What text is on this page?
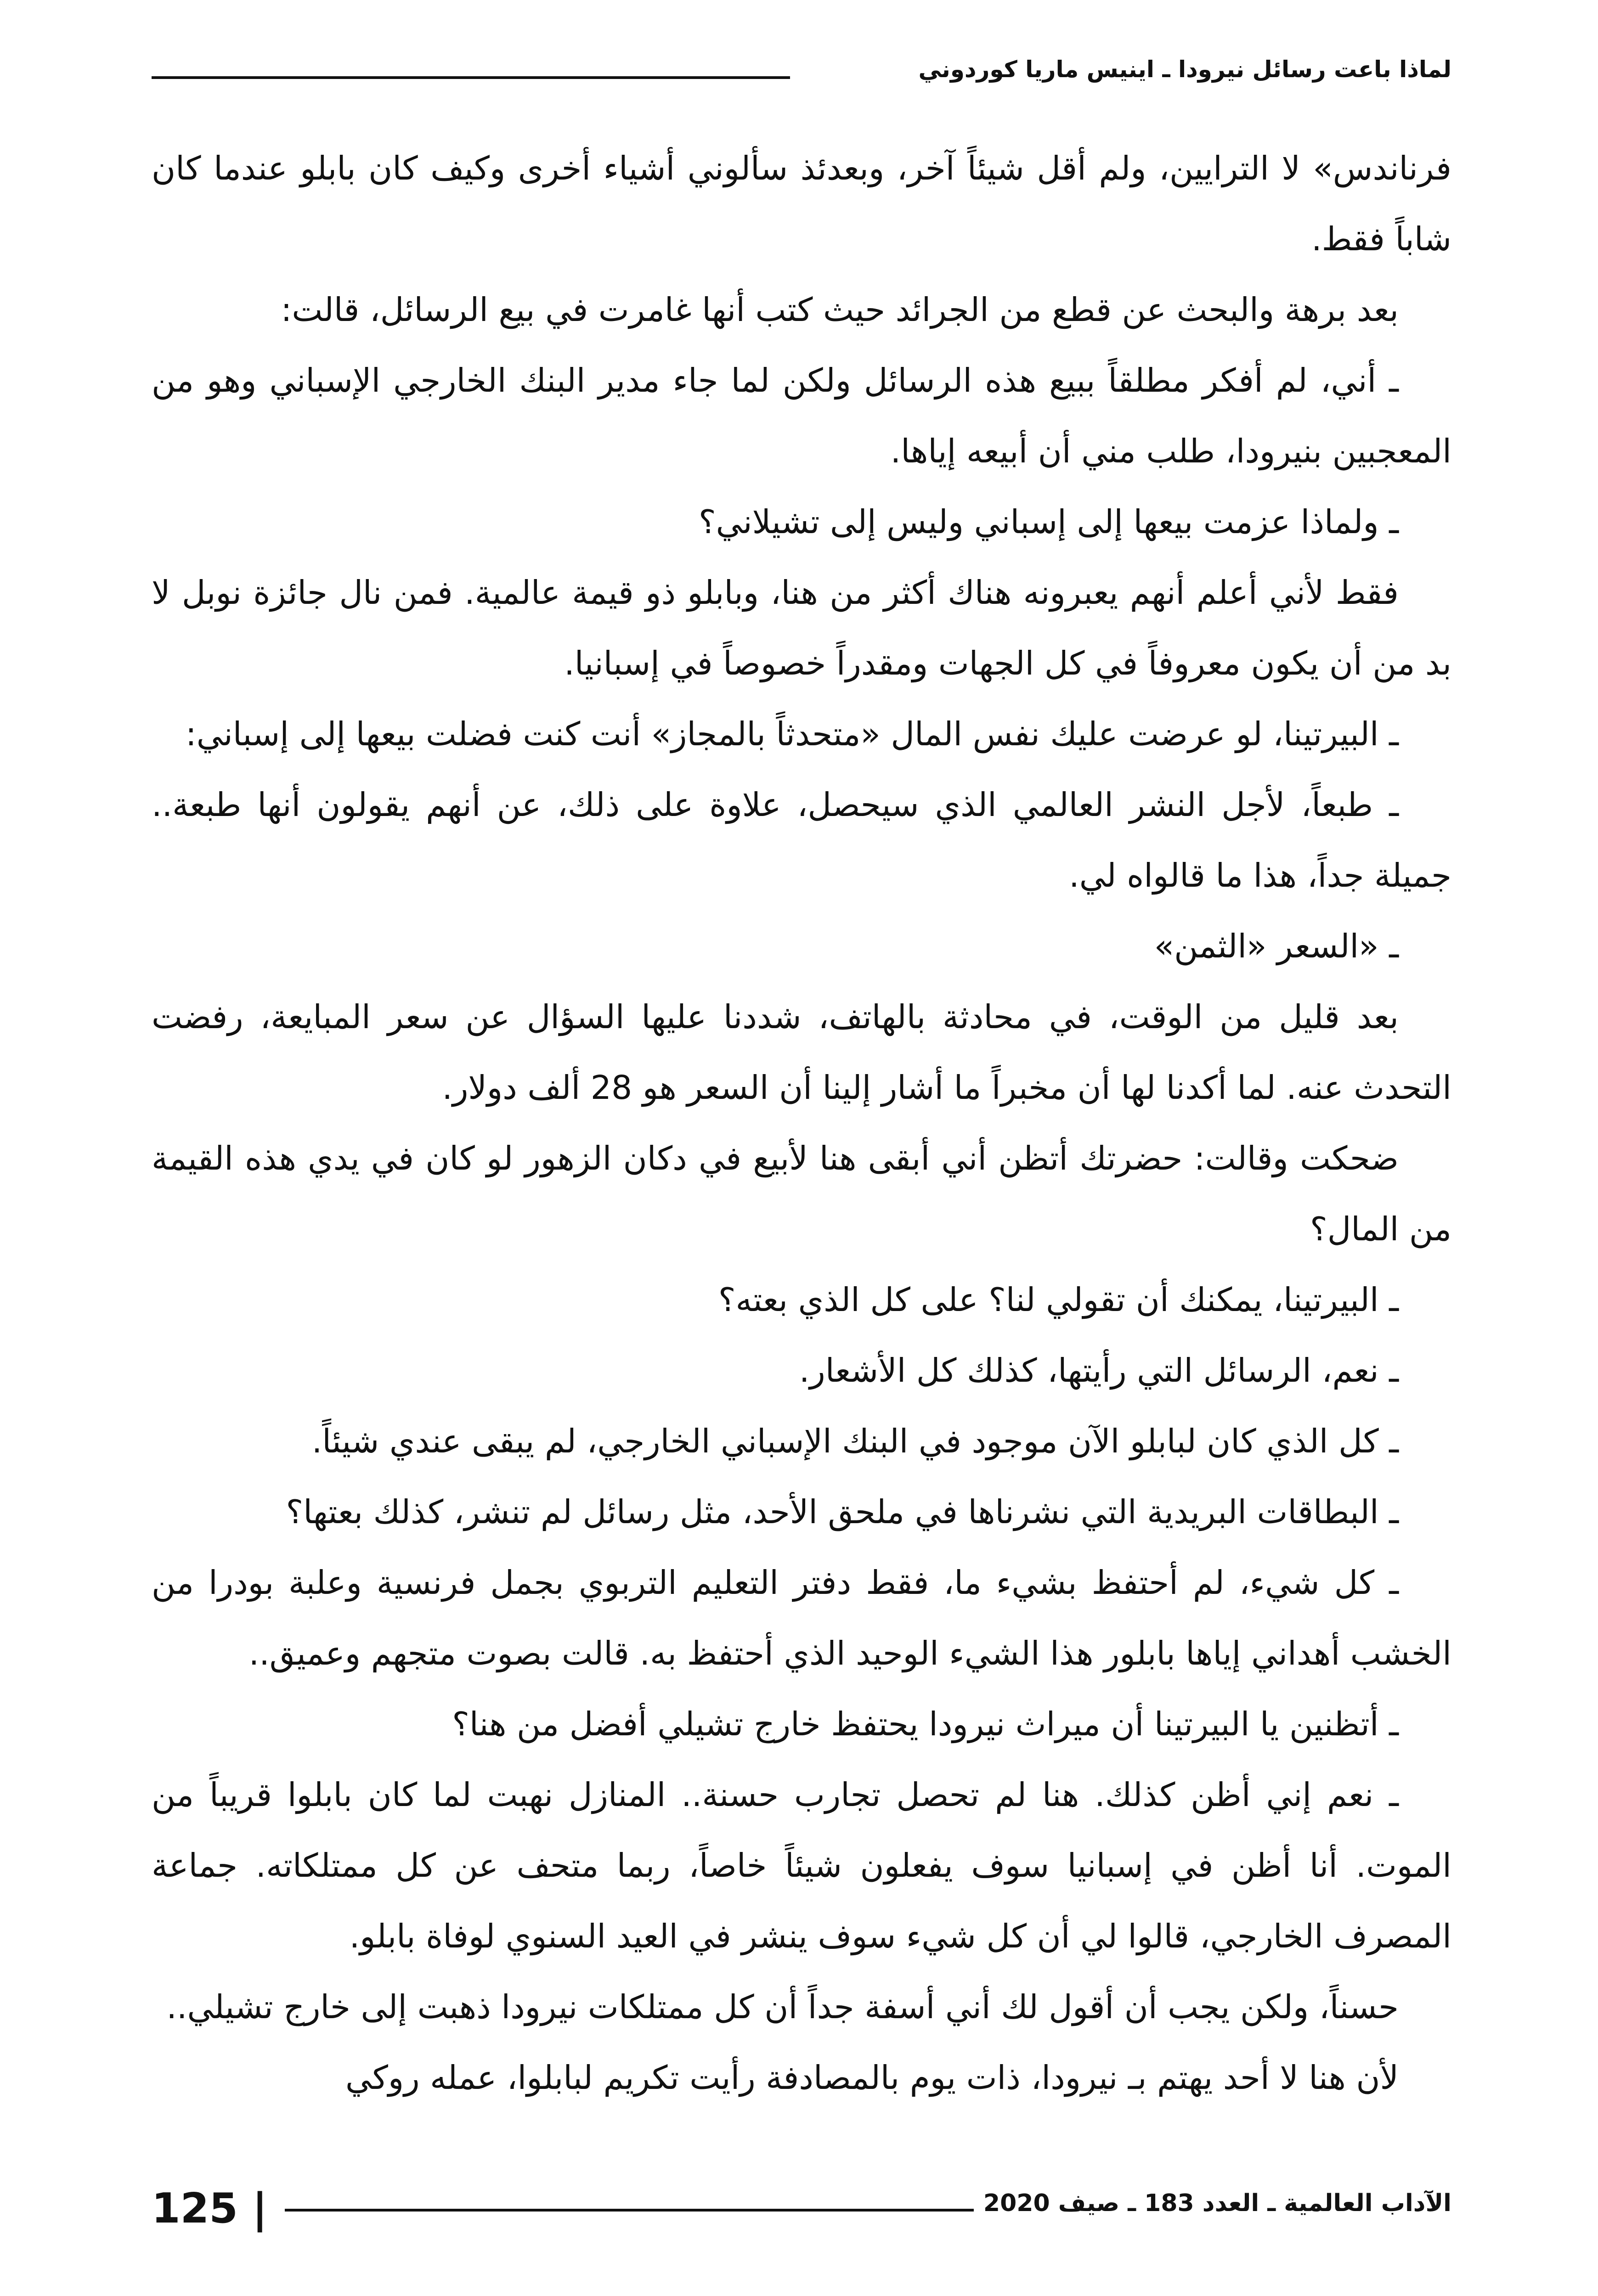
لماذا باعت رسائل نيرودا ـ اينيس ماريا كوردوني

فرناندس» لا الترايين، ولم أقل شيئاً آخر، وبعدئذ سألوني أشياء أخرى وكيف كان بابلو عندما كان شاباً فقط.

بعد برهة والبحث عن قطع من الجرائد حيث كتب أنها غامرت في بيع الرسائل، قالت:

ـ أني، لم أفكر مطلقاً ببيع هذه الرسائل ولكن لما جاء مدير البنك الخارجي الإسباني وهو من المعجبين بنيرودا، طلب مني أن أبيعه إياها.

ـ ولماذا عزمت بيعها إلى إسباني وليس إلى تشيلاني؟

فقط لأني أعلم أنهم يعبرونه هناك أكثر من هنا، وبابلو ذو قيمة عالمية. فمن نال جائزة نوبل لا بد من أن يكون معروفاً في كل الجهات ومقدراً خصوصاً في إسبانيا.

ـ البيرتينا، لو عرضت عليك نفس المال «متحدثاً بالمجاز» أنت كنت فضلت بيعها إلى إسباني:

ـ طبعاً، لأجل النشر العالمي الذي سيحصل، علاوة على ذلك، عن أنهم يقولون أنها طبعة.. جميلة جداً، هذا ما قالواه لي.

ـ «السعر «الثمن»

بعد قليل من الوقت، في محادثة بالهاتف، شددنا عليها السؤال عن سعر المبايعة، رفضت التحدث عنه. لما أكدنا لها أن مخبراً ما أشار إلينا أن السعر هو 28 ألف دولار.

ضحكت وقالت: حضرتك أتظن أني أبقى هنا لأبيع في دكان الزهور لو كان في يدي هذه القيمة من المال؟

ـ البيرتينا، يمكنك أن تقولي لنا؟ على كل الذي بعته؟

ـ نعم، الرسائل التي رأيتها، كذلك كل الأشعار.

ـ كل الذي كان لبابلو الآن موجود في البنك الإسباني الخارجي، لم يبقى عندي شيئاً.

ـ البطاقات البريدية التي نشرناها في ملحق الأحد، مثل رسائل لم تنشر، كذلك بعتها؟

ـ كل شيء، لم أحتفظ بشيء ما، فقط دفتر التعليم التربوي بجمل فرنسية وعلبة بودرا من الخشب أهداني إياها بابلور هذا الشيء الوحيد الذي أحتفظ به. قالت بصوت متجهم وعميق..

ـ أتظنين يا البيرتينا أن ميراث نيرودا يحتفظ خارج تشيلي أفضل من هنا؟

ـ نعم إني أظن كذلك. هنا لم تحصل تجارب حسنة.. المنازل نهبت لما كان بابلوا قريباً من الموت. أنا أظن في إسبانيا سوف يفعلون شيئاً خاصاً، ربما متحف عن كل ممتلكاته. جماعة المصرف الخارجي، قالوا لي أن كل شيء سوف ينشر في العيد السنوي لوفاة بابلو.

حسناً، ولكن يجب أن أقول لك أني أسفة جداً أن كل ممتلكات نيرودا ذهبت إلى خارج تشيلي..

لأن هنا لا أحد يهتم بـ نيرودا، ذات يوم بالمصادفة رأيت تكريم لبابلوا، عمله روكي

125 |	الآداب العالمية ـ العدد 183 ـ صيف 2020
